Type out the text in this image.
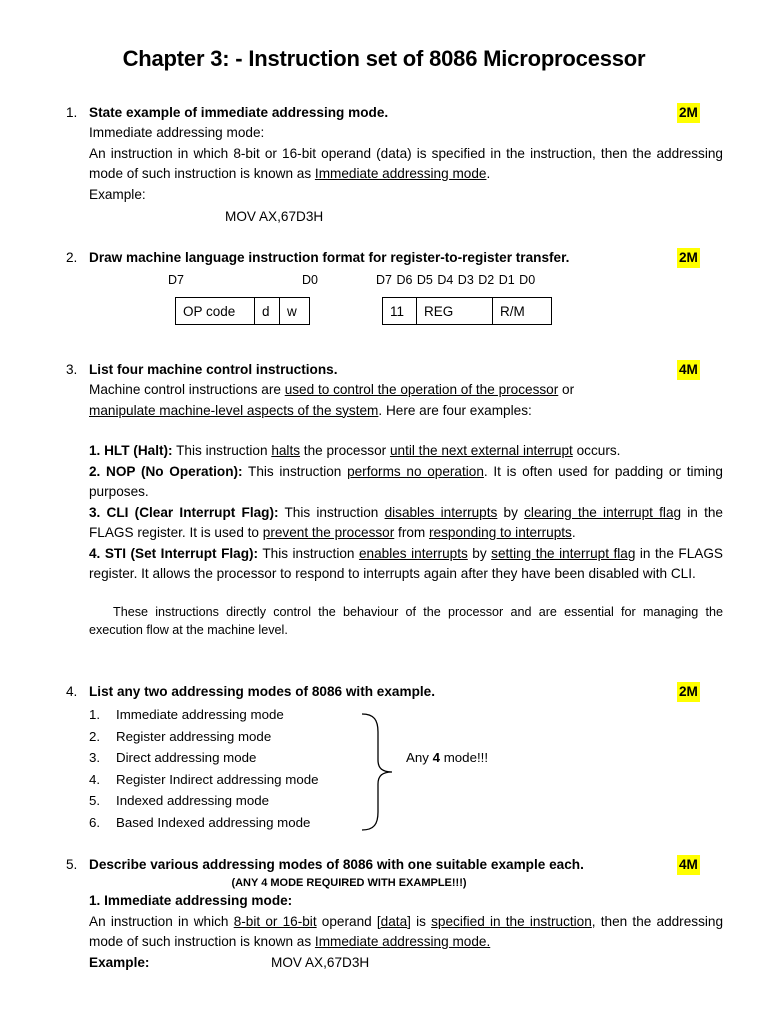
Chapter 3: - Instruction set of 8086 Microprocessor
1. State example of immediate addressing mode.	2M
Immediate addressing mode:
An instruction in which 8-bit or 16-bit operand (data) is specified in the instruction, then the addressing mode of such instruction is known as Immediate addressing mode.
Example:
MOV AX,67D3H
2. Draw machine language instruction format for register-to-register transfer.	2M
D7	D0	D7 D6 D5 D4 D3 D2 D1 D0
OP code	d	w	11	REG	R/M
3. List four machine control instructions.	4M
Machine control instructions are used to control the operation of the processor or
manipulate machine-level aspects of the system. Here are four examples:
1. HLT (Halt): This instruction halts the processor until the next external interrupt occurs.
2. NOP (No Operation): This instruction performs no operation. It is often used for padding or timing purposes.
3. CLI (Clear Interrupt Flag): This instruction disables interrupts by clearing the interrupt flag in the FLAGS register. It is used to prevent the processor from responding to interrupts.
4. STI (Set Interrupt Flag): This instruction enables interrupts by setting the interrupt flag in the FLAGS register. It allows the processor to respond to interrupts again after they have been disabled with CLI.
These instructions directly control the behaviour of the processor and are essential for managing the execution flow at the machine level.
4. List any two addressing modes of 8086 with example.	2M
1.	Immediate addressing mode
2.	Register addressing mode
3.	Direct addressing mode
4.	Register Indirect addressing mode
5.	Indexed addressing mode
6.	Based Indexed addressing mode
Any 4 mode!!!
5. Describe various addressing modes of 8086 with one suitable example each.	4M
(ANY 4 MODE REQUIRED WITH EXAMPLE!!!)
1. Immediate addressing mode:
An instruction in which 8-bit or 16-bit operand [data] is specified in the instruction, then the addressing mode of such instruction is known as Immediate addressing mode.
Example:	MOV AX,67D3H
